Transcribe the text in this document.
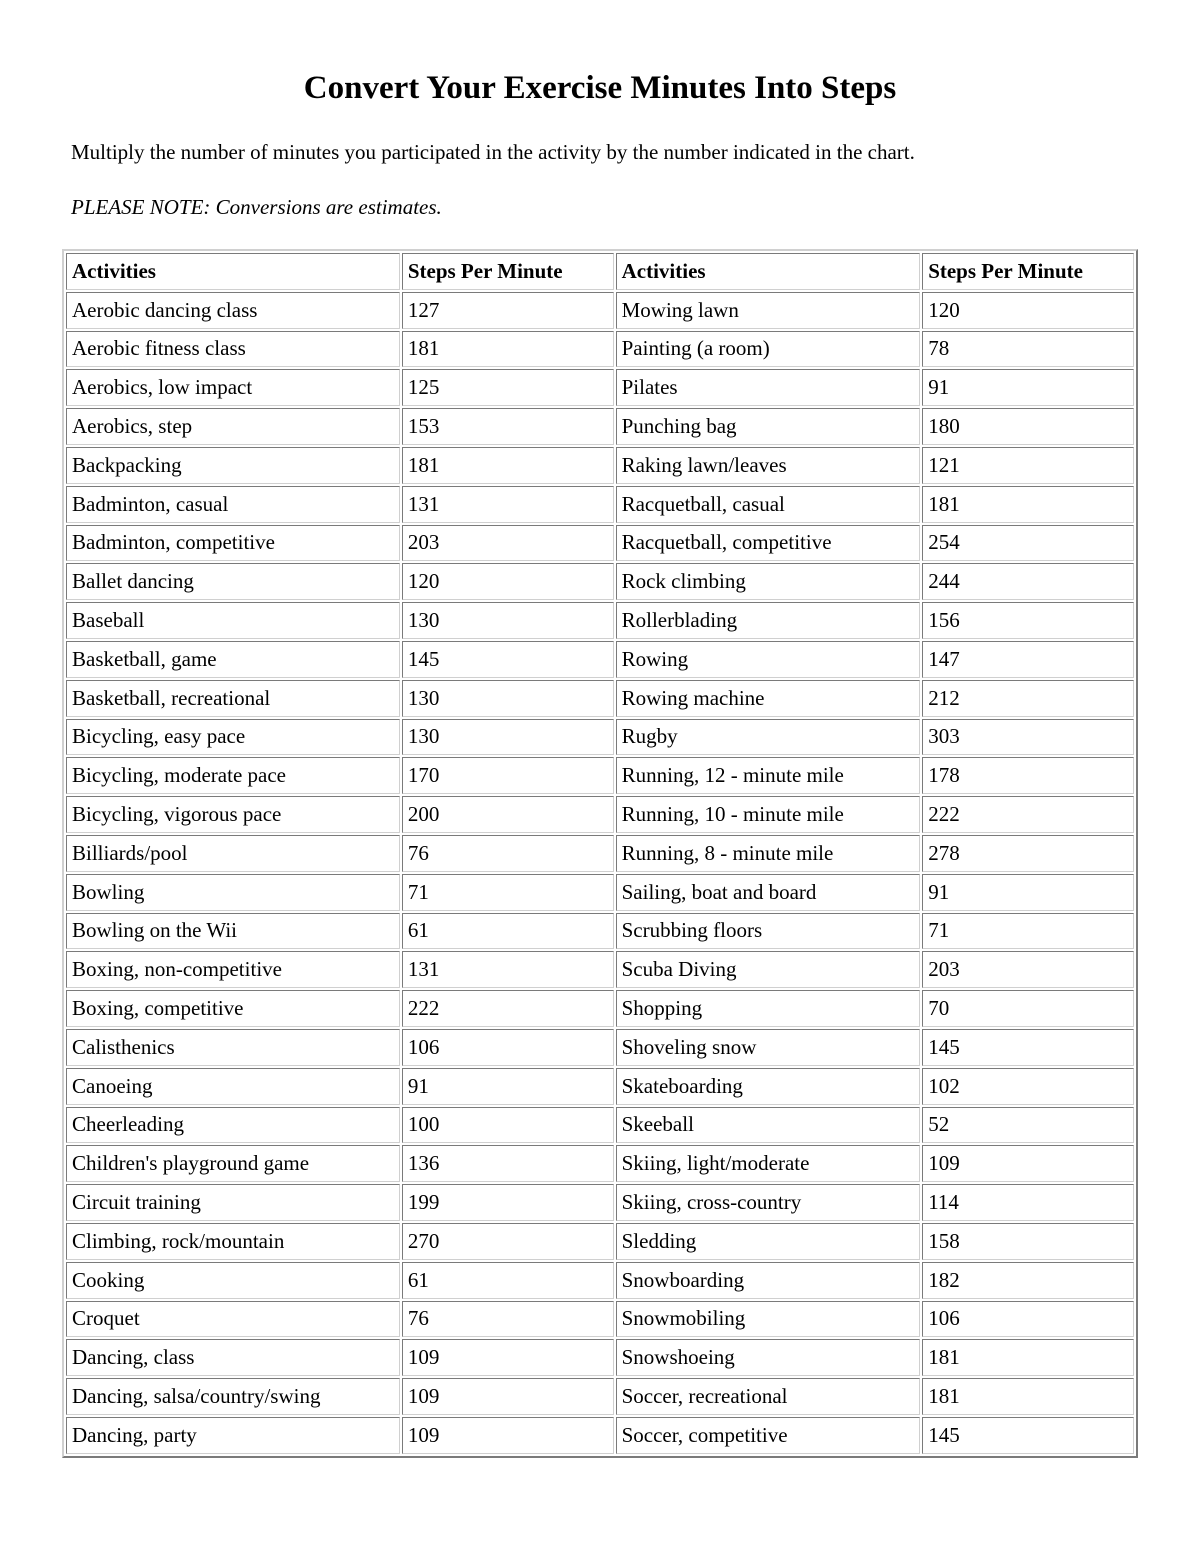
Convert Your Exercise Minutes Into Steps

Multiply the number of minutes you participated in the activity by the number indicated in the chart.

PLEASE NOTE: Conversions are estimates.

Activities	Steps Per Minute	Activities	Steps Per Minute
Aerobic dancing class	127	Mowing lawn	120
Aerobic fitness class	181	Painting (a room)	78
Aerobics, low impact	125	Pilates	91
Aerobics, step	153	Punching bag	180
Backpacking	181	Raking lawn/leaves	121
Badminton, casual	131	Racquetball, casual	181
Badminton, competitive	203	Racquetball, competitive	254
Ballet dancing	120	Rock climbing	244
Baseball	130	Rollerblading	156
Basketball, game	145	Rowing	147
Basketball, recreational	130	Rowing machine	212
Bicycling, easy pace	130	Rugby	303
Bicycling, moderate pace	170	Running, 12 - minute mile	178
Bicycling, vigorous pace	200	Running, 10 - minute mile	222
Billiards/pool	76	Running, 8 - minute mile	278
Bowling	71	Sailing, boat and board	91
Bowling on the Wii	61	Scrubbing floors	71
Boxing, non-competitive	131	Scuba Diving	203
Boxing, competitive	222	Shopping	70
Calisthenics	106	Shoveling snow	145
Canoeing	91	Skateboarding	102
Cheerleading	100	Skeeball	52
Children's playground game	136	Skiing, light/moderate	109
Circuit training	199	Skiing, cross-country	114
Climbing, rock/mountain	270	Sledding	158
Cooking	61	Snowboarding	182
Croquet	76	Snowmobiling	106
Dancing, class	109	Snowshoeing	181
Dancing, salsa/country/swing	109	Soccer, recreational	181
Dancing, party	109	Soccer, competitive	145
